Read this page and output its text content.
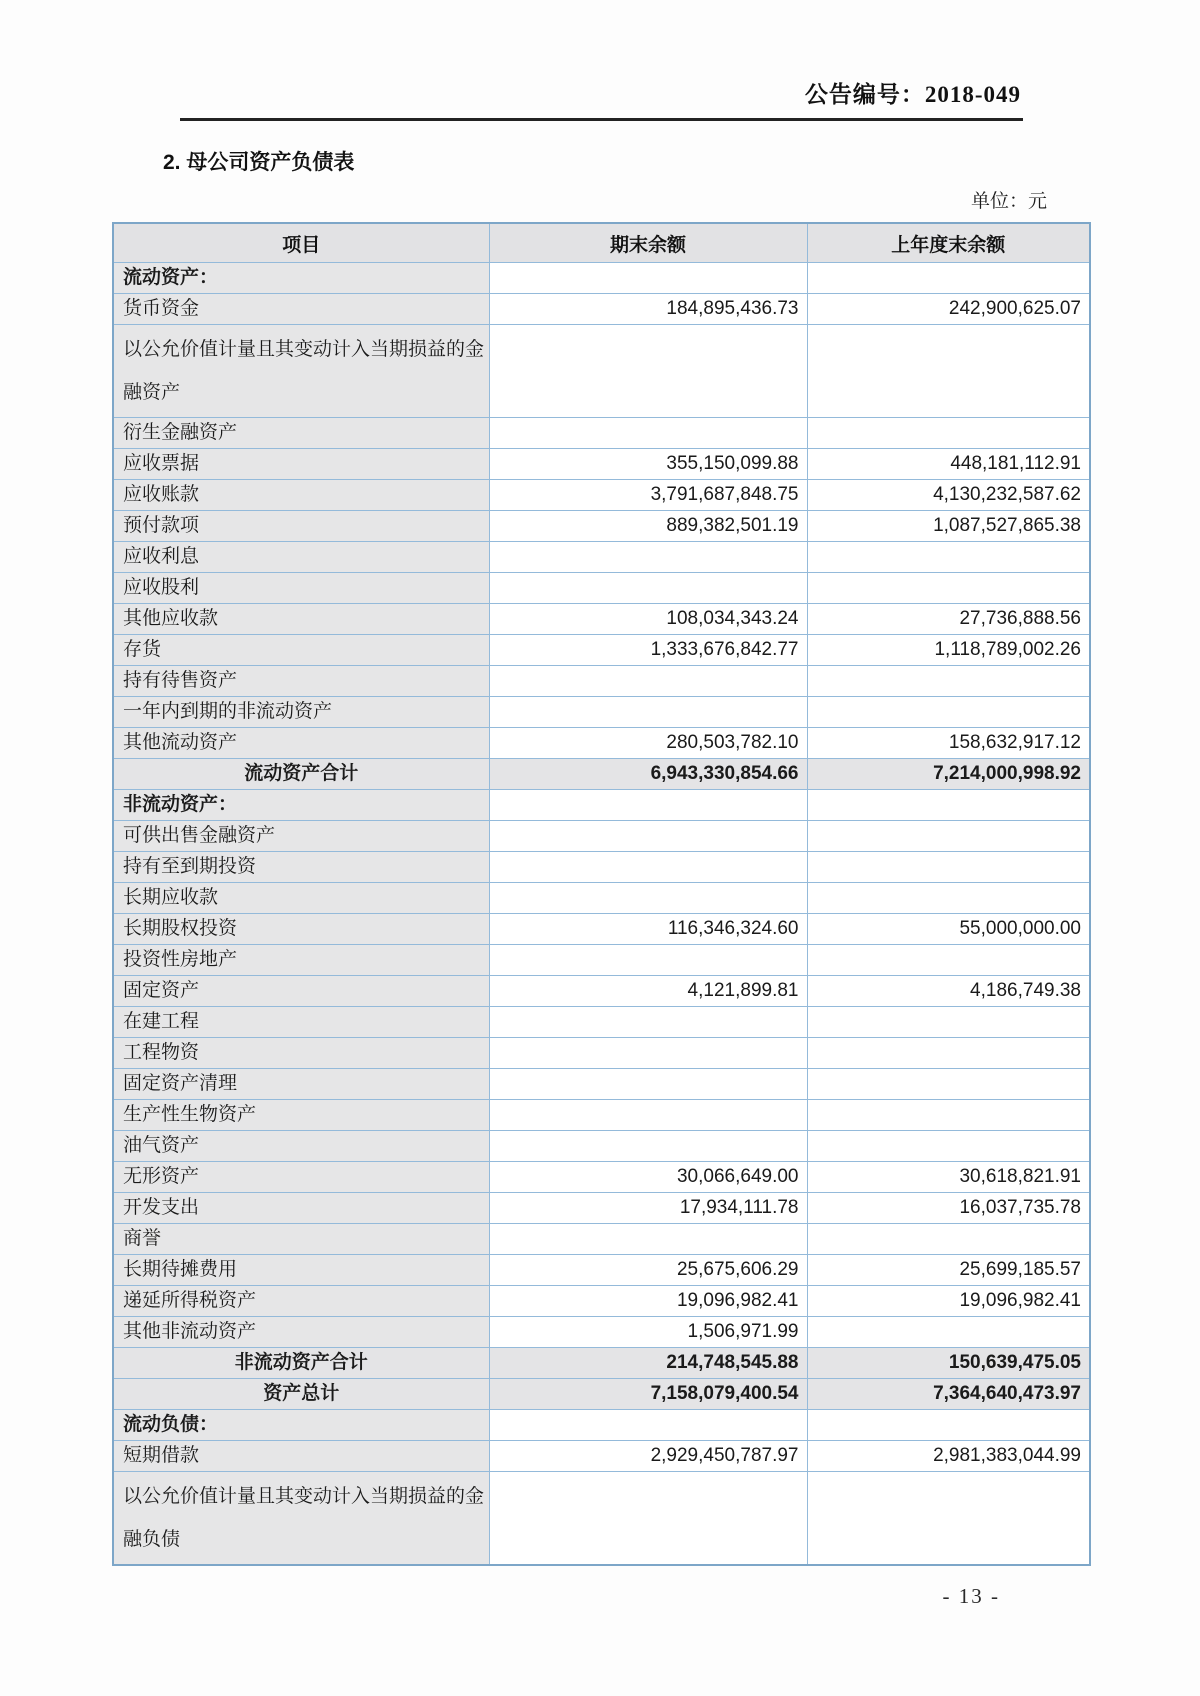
公告编号：2018-049
2. 母公司资产负债表
单位：元
项目	期末余额	上年度末余额
流动资产：		
货币资金	184,895,436.73	242,900,625.07
以公允价值计量且其变动计入当期损益的金融资产		
衍生金融资产		
应收票据	355,150,099.88	448,181,112.91
应收账款	3,791,687,848.75	4,130,232,587.62
预付款项	889,382,501.19	1,087,527,865.38
应收利息		
应收股利		
其他应收款	108,034,343.24	27,736,888.56
存货	1,333,676,842.77	1,118,789,002.26
持有待售资产		
一年内到期的非流动资产		
其他流动资产	280,503,782.10	158,632,917.12
流动资产合计	6,943,330,854.66	7,214,000,998.92
非流动资产：		
可供出售金融资产		
持有至到期投资		
长期应收款		
长期股权投资	116,346,324.60	55,000,000.00
投资性房地产		
固定资产	4,121,899.81	4,186,749.38
在建工程		
工程物资		
固定资产清理		
生产性生物资产		
油气资产		
无形资产	30,066,649.00	30,618,821.91
开发支出	17,934,111.78	16,037,735.78
商誉		
长期待摊费用	25,675,606.29	25,699,185.57
递延所得税资产	19,096,982.41	19,096,982.41
其他非流动资产	1,506,971.99	
非流动资产合计	214,748,545.88	150,639,475.05
资产总计	7,158,079,400.54	7,364,640,473.97
流动负债：		
短期借款	2,929,450,787.97	2,981,383,044.99
以公允价值计量且其变动计入当期损益的金融负债		
- 13 -
